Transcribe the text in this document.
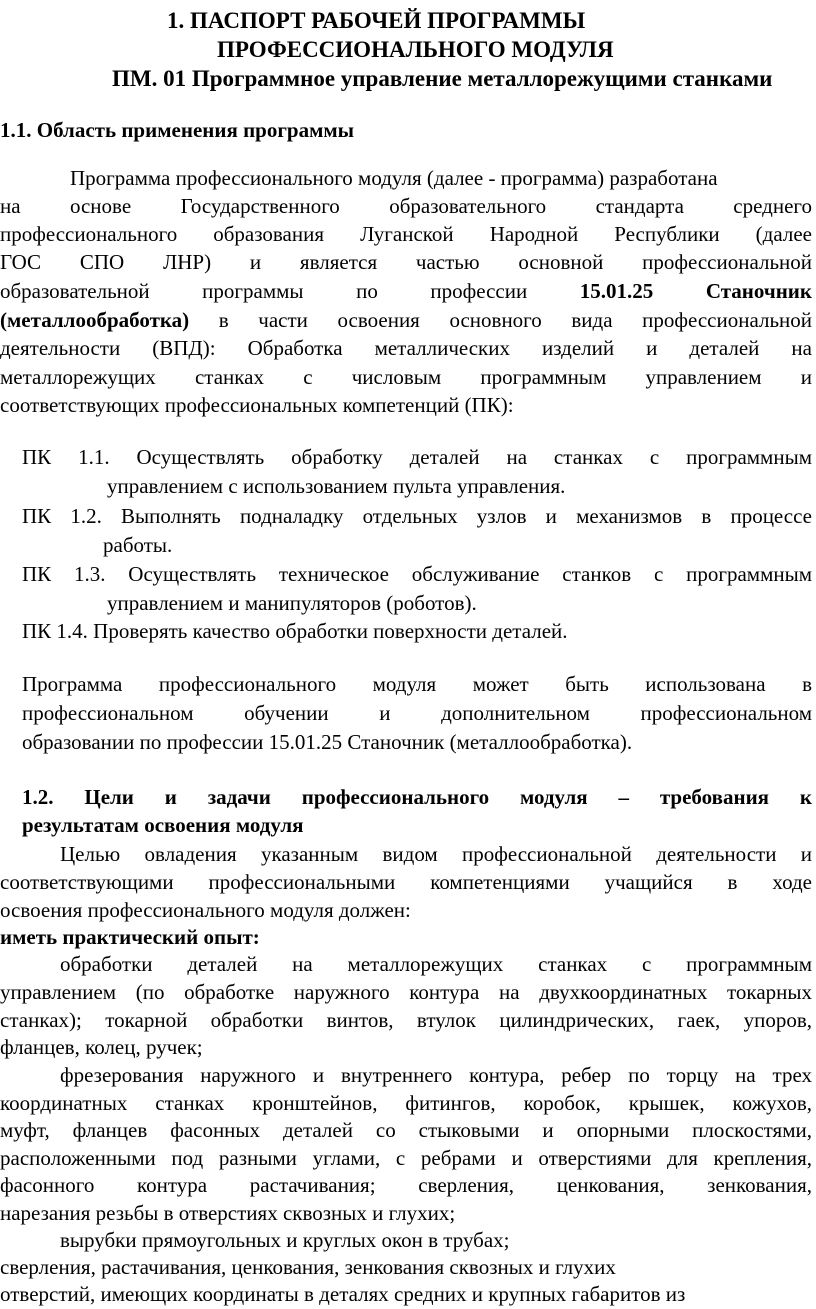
1. ПАСПОРТ РАБОЧЕЙ ПРОГРАММЫ
ПРОФЕССИОНАЛЬНОГО МОДУЛЯ
ПМ. 01 Программное управление металлорежущими станками
1.1. Область применения программы
Программа профессионального модуля (далее - программа) разработана
на основе Государственного образовательного стандарта среднего
профессионального образования Луганской Народной Республики (далее
ГОС СПО ЛНР) и является частью основной профессиональной
образовательной программы по профессии	15.01.25 Станочник
(металлообработка) в части освоения основного вида профессиональной
деятельности (ВПД): Обработка металлических изделий и деталей на
металлорежущих станках с числовым программным управлением и
соответствующих профессиональных компетенций (ПК):
ПК 1.1. Осуществлять обработку деталей на станках с программным
управлением с использованием пульта управления.
ПК 1.2. Выполнять подналадку отдельных узлов и механизмов в процессе
работы.
ПК 1.3. Осуществлять техническое обслуживание станков с программным
управлением и манипуляторов (роботов).
ПК 1.4. Проверять качество обработки поверхности деталей.
Программа профессионального модуля может быть использована в
профессиональном обучении и дополнительном профессиональном
образовании по профессии 15.01.25 Станочник (металлообработка).
1.2. Цели и задачи профессионального модуля – требования к
результатам освоения модуля
Целью овладения указанным видом профессиональной деятельности и
соответствующими профессиональными компетенциями учащийся в ходе
освоения профессионального модуля должен:
иметь практический опыт:
обработки деталей на металлорежущих станках с программным
управлением (по обработке наружного контура на двухкоординатных токарных
станках); токарной обработки винтов, втулок цилиндрических, гаек, упоров,
фланцев, колец, ручек;
фрезерования наружного и внутреннего контура, ребер по торцу на трех
координатных станках кронштейнов, фитингов, коробок, крышек, кожухов,
муфт, фланцев фасонных деталей со стыковыми и опорными плоскостями,
расположенными под разными углами, с ребрами и отверстиями для крепления,
фасонного контура растачивания; сверления, ценкования, зенкования,
нарезания резьбы в отверстиях сквозных и глухих;
вырубки прямоугольных и круглых окон в трубах;
сверления, растачивания, ценкования, зенкования сквозных и глухих
отверстий, имеющих координаты в деталях средних и крупных габаритов из
